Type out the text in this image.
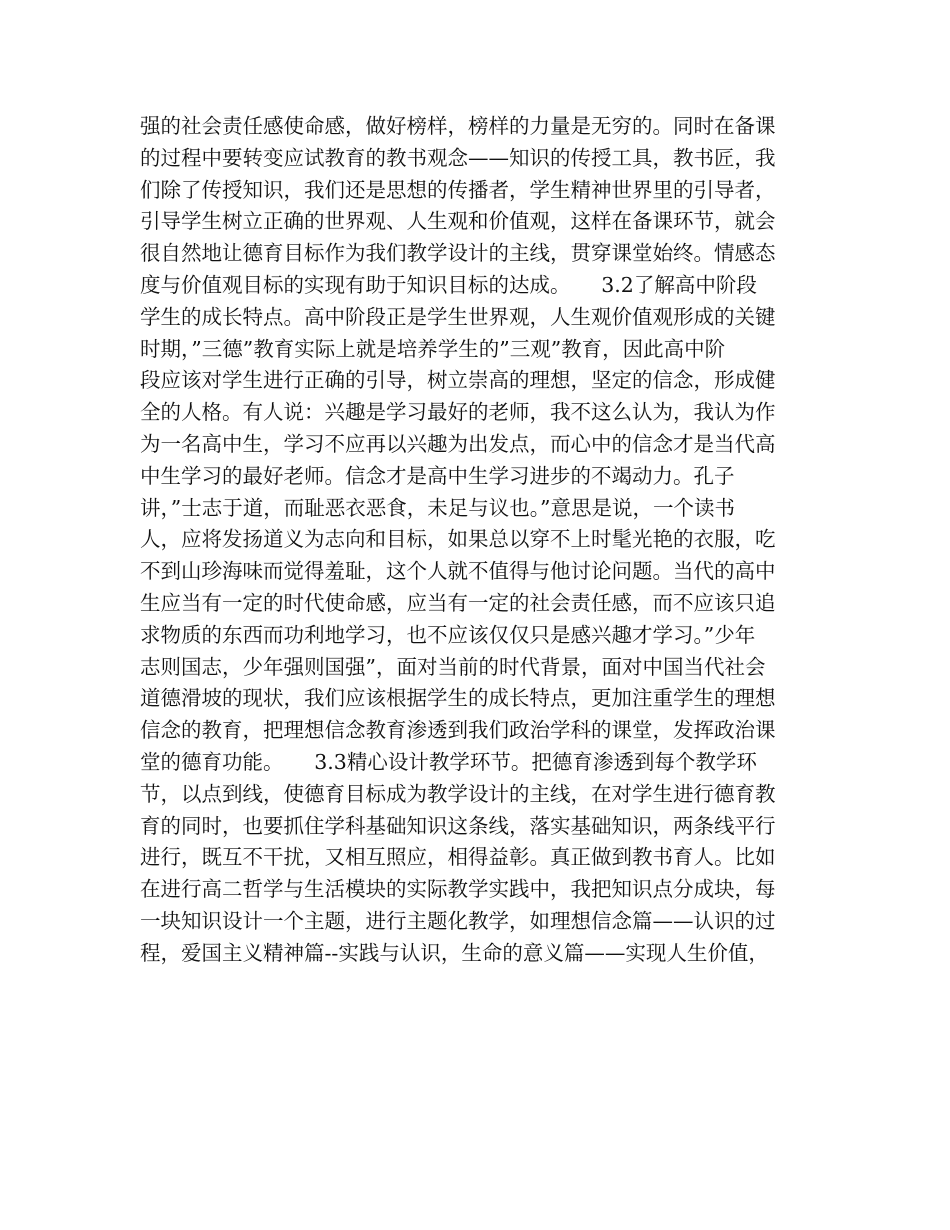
强的社会责任感使命感，做好榜样，榜样的力量是无穷的。同时在备课
的过程中要转变应试教育的教书观念——知识的传授工具，教书匠，我
们除了传授知识，我们还是思想的传播者，学生精神世界里的引导者，
引导学生树立正确的世界观、人生观和价值观，这样在备课环节，就会
很自然地让德育目标作为我们教学设计的主线，贯穿课堂始终。情感态
度与价值观目标的实现有助于知识目标的达成。　　3.2了解高中阶段
学生的成长特点。高中阶段正是学生世界观，人生观价值观形成的关键
时期，”三德”教育实际上就是培养学生的”三观”教育，因此高中阶
段应该对学生进行正确的引导，树立崇高的理想，坚定的信念，形成健
全的人格。有人说：兴趣是学习最好的老师，我不这么认为，我认为作
为一名高中生，学习不应再以兴趣为出发点，而心中的信念才是当代高
中生学习的最好老师。信念才是高中生学习进步的不竭动力。孔子
讲，”士志于道，而耻恶衣恶食，未足与议也。”意思是说，一个读书
人，应将发扬道义为志向和目标，如果总以穿不上时髦光艳的衣服，吃
不到山珍海味而觉得羞耻，这个人就不值得与他讨论问题。当代的高中
生应当有一定的时代使命感，应当有一定的社会责任感，而不应该只追
求物质的东西而功利地学习，也不应该仅仅只是感兴趣才学习。”少年
志则国志，少年强则国强”，面对当前的时代背景，面对中国当代社会
道德滑坡的现状，我们应该根据学生的成长特点，更加注重学生的理想
信念的教育，把理想信念教育渗透到我们政治学科的课堂，发挥政治课
堂的德育功能。　　3.3精心设计教学环节。把德育渗透到每个教学环
节，以点到线，使德育目标成为教学设计的主线，在对学生进行德育教
育的同时，也要抓住学科基础知识这条线，落实基础知识，两条线平行
进行，既互不干扰，又相互照应，相得益彰。真正做到教书育人。比如
在进行高二哲学与生活模块的实际教学实践中，我把知识点分成块，每
一块知识设计一个主题，进行主题化教学，如理想信念篇——认识的过
程，爱国主义精神篇--实践与认识，生命的意义篇——实现人生价值，
